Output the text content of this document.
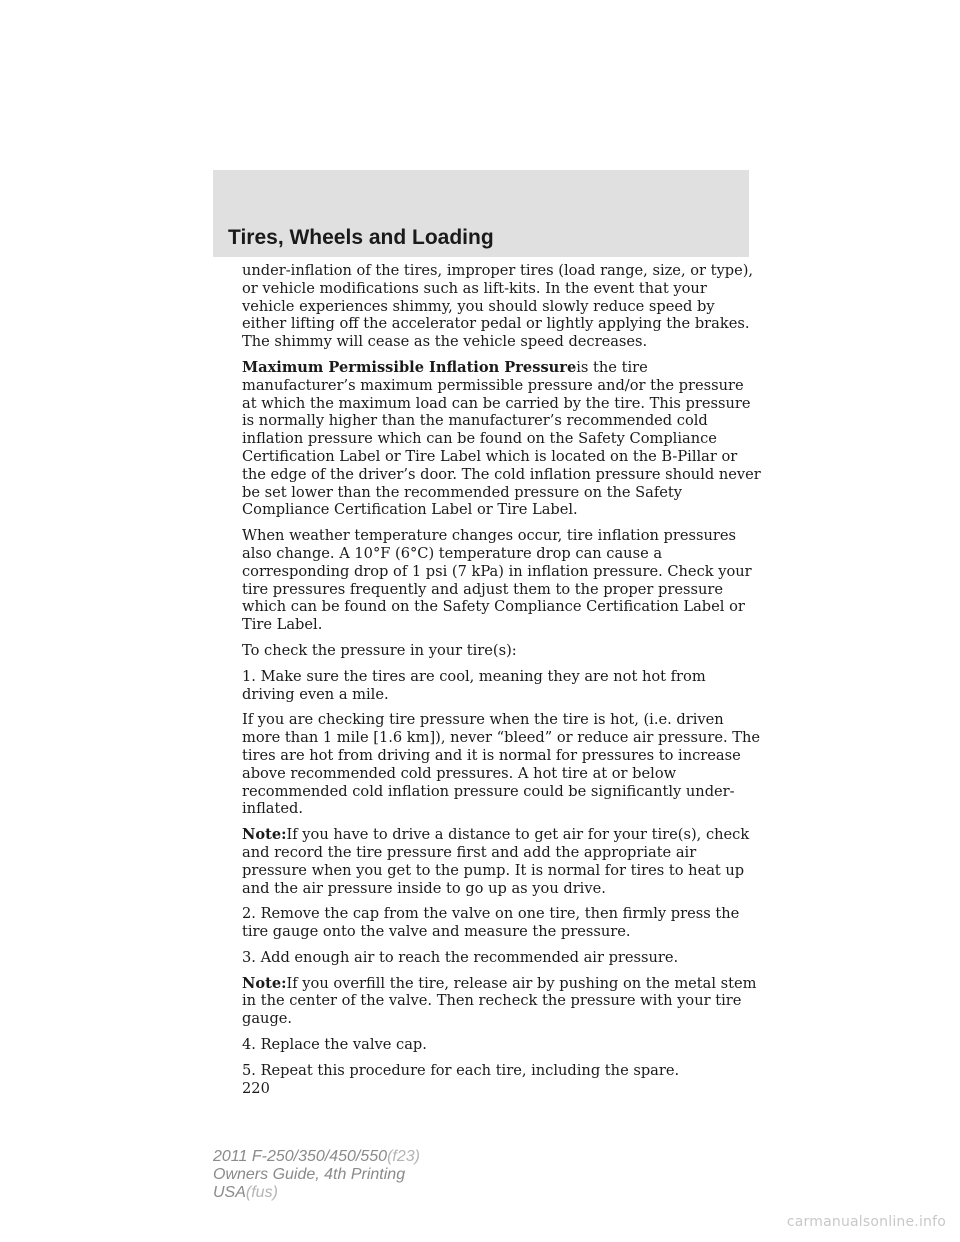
Tires, Wheels and Loading

under-inflation of the tires, improper tires (load range, size, or type), or vehicle modifications such as lift-kits. In the event that your vehicle experiences shimmy, you should slowly reduce speed by either lifting off the accelerator pedal or lightly applying the brakes. The shimmy will cease as the vehicle speed decreases.

Maximum Permissible Inflation Pressureis the tire manufacturer’s maximum permissible pressure and/or the pressure at which the maximum load can be carried by the tire. This pressure is normally higher than the manufacturer’s recommended cold inflation pressure which can be found on the Safety Compliance Certification Label or Tire Label which is located on the B-Pillar or the edge of the driver’s door. The cold inflation pressure should never be set lower than the recommended pressure on the Safety Compliance Certification Label or Tire Label.

When weather temperature changes occur, tire inflation pressures also change. A 10°F (6°C) temperature drop can cause a corresponding drop of 1 psi (7 kPa) in inflation pressure. Check your tire pressures frequently and adjust them to the proper pressure which can be found on the Safety Compliance Certification Label or Tire Label.

To check the pressure in your tire(s):

1. Make sure the tires are cool, meaning they are not hot from driving even a mile.

If you are checking tire pressure when the tire is hot, (i.e. driven more than 1 mile [1.6 km]), never “bleed” or reduce air pressure. The tires are hot from driving and it is normal for pressures to increase above recommended cold pressures. A hot tire at or below recommended cold inflation pressure could be significantly under-inflated.

Note:If you have to drive a distance to get air for your tire(s), check and record the tire pressure first and add the appropriate air pressure when you get to the pump. It is normal for tires to heat up and the air pressure inside to go up as you drive.

2. Remove the cap from the valve on one tire, then firmly press the tire gauge onto the valve and measure the pressure.

3. Add enough air to reach the recommended air pressure.

Note:If you overfill the tire, release air by pushing on the metal stem in the center of the valve. Then recheck the pressure with your tire gauge.

4. Replace the valve cap.

5. Repeat this procedure for each tire, including the spare.

220

2011 F-250/350/450/550(f23)
Owners Guide, 4th Printing
USA(fus)
carmanualsonline.info
